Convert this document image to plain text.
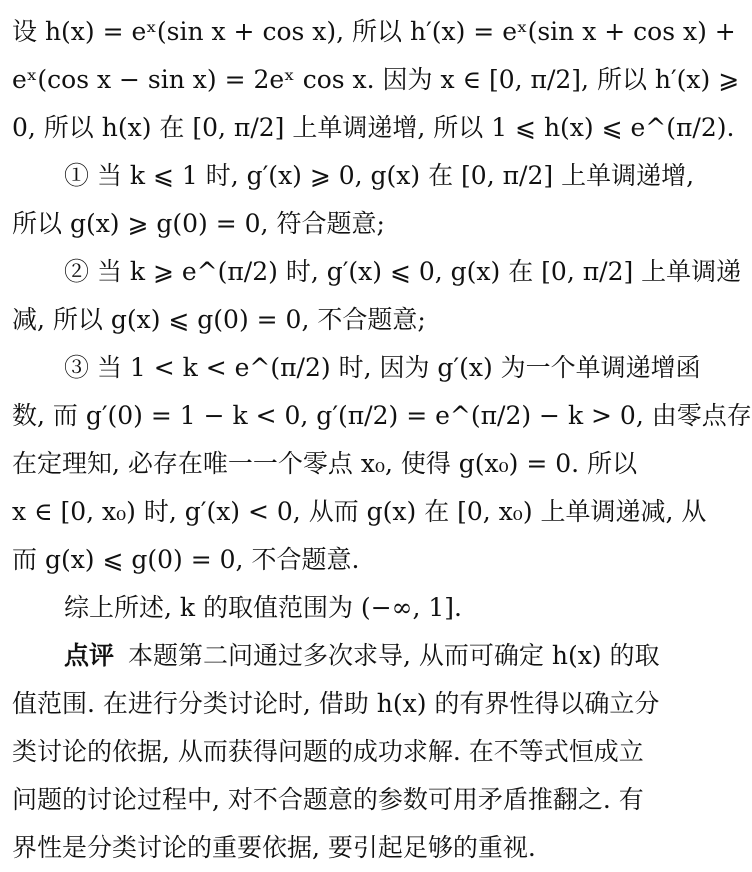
设 h(x) = eˣ(sin x + cos x), 所以 h′(x) = eˣ(sin x + cos x) +
eˣ(cos x − sin x) = 2eˣ cos x. 因为 x ∈ [0, π/2], 所以 h′(x) ⩾
0, 所以 h(x) 在 [0, π/2] 上单调递增, 所以 1 ⩽ h(x) ⩽ e^(π/2).
① 当 k ⩽ 1 时, g′(x) ⩾ 0, g(x) 在 [0, π/2] 上单调递增,
所以 g(x) ⩾ g(0) = 0, 符合题意;
② 当 k ⩾ e^(π/2) 时, g′(x) ⩽ 0, g(x) 在 [0, π/2] 上单调递
减, 所以 g(x) ⩽ g(0) = 0, 不合题意;
③ 当 1 < k < e^(π/2) 时, 因为 g′(x) 为一个单调递增函
数, 而 g′(0) = 1 − k < 0, g′(π/2) = e^(π/2) − k > 0, 由零点存
在定理知, 必存在唯一一个零点 x₀, 使得 g(x₀) = 0. 所以
x ∈ [0, x₀) 时, g′(x) < 0, 从而 g(x) 在 [0, x₀) 上单调递减, 从
而 g(x) ⩽ g(0) = 0, 不合题意.
综上所述, k 的取值范围为 (−∞, 1].
点评 本题第二问通过多次求导, 从而可确定 h(x) 的取
值范围. 在进行分类讨论时, 借助 h(x) 的有界性得以确立分
类讨论的依据, 从而获得问题的成功求解. 在不等式恒成立
问题的讨论过程中, 对不合题意的参数可用矛盾推翻之. 有
界性是分类讨论的重要依据, 要引起足够的重视.
